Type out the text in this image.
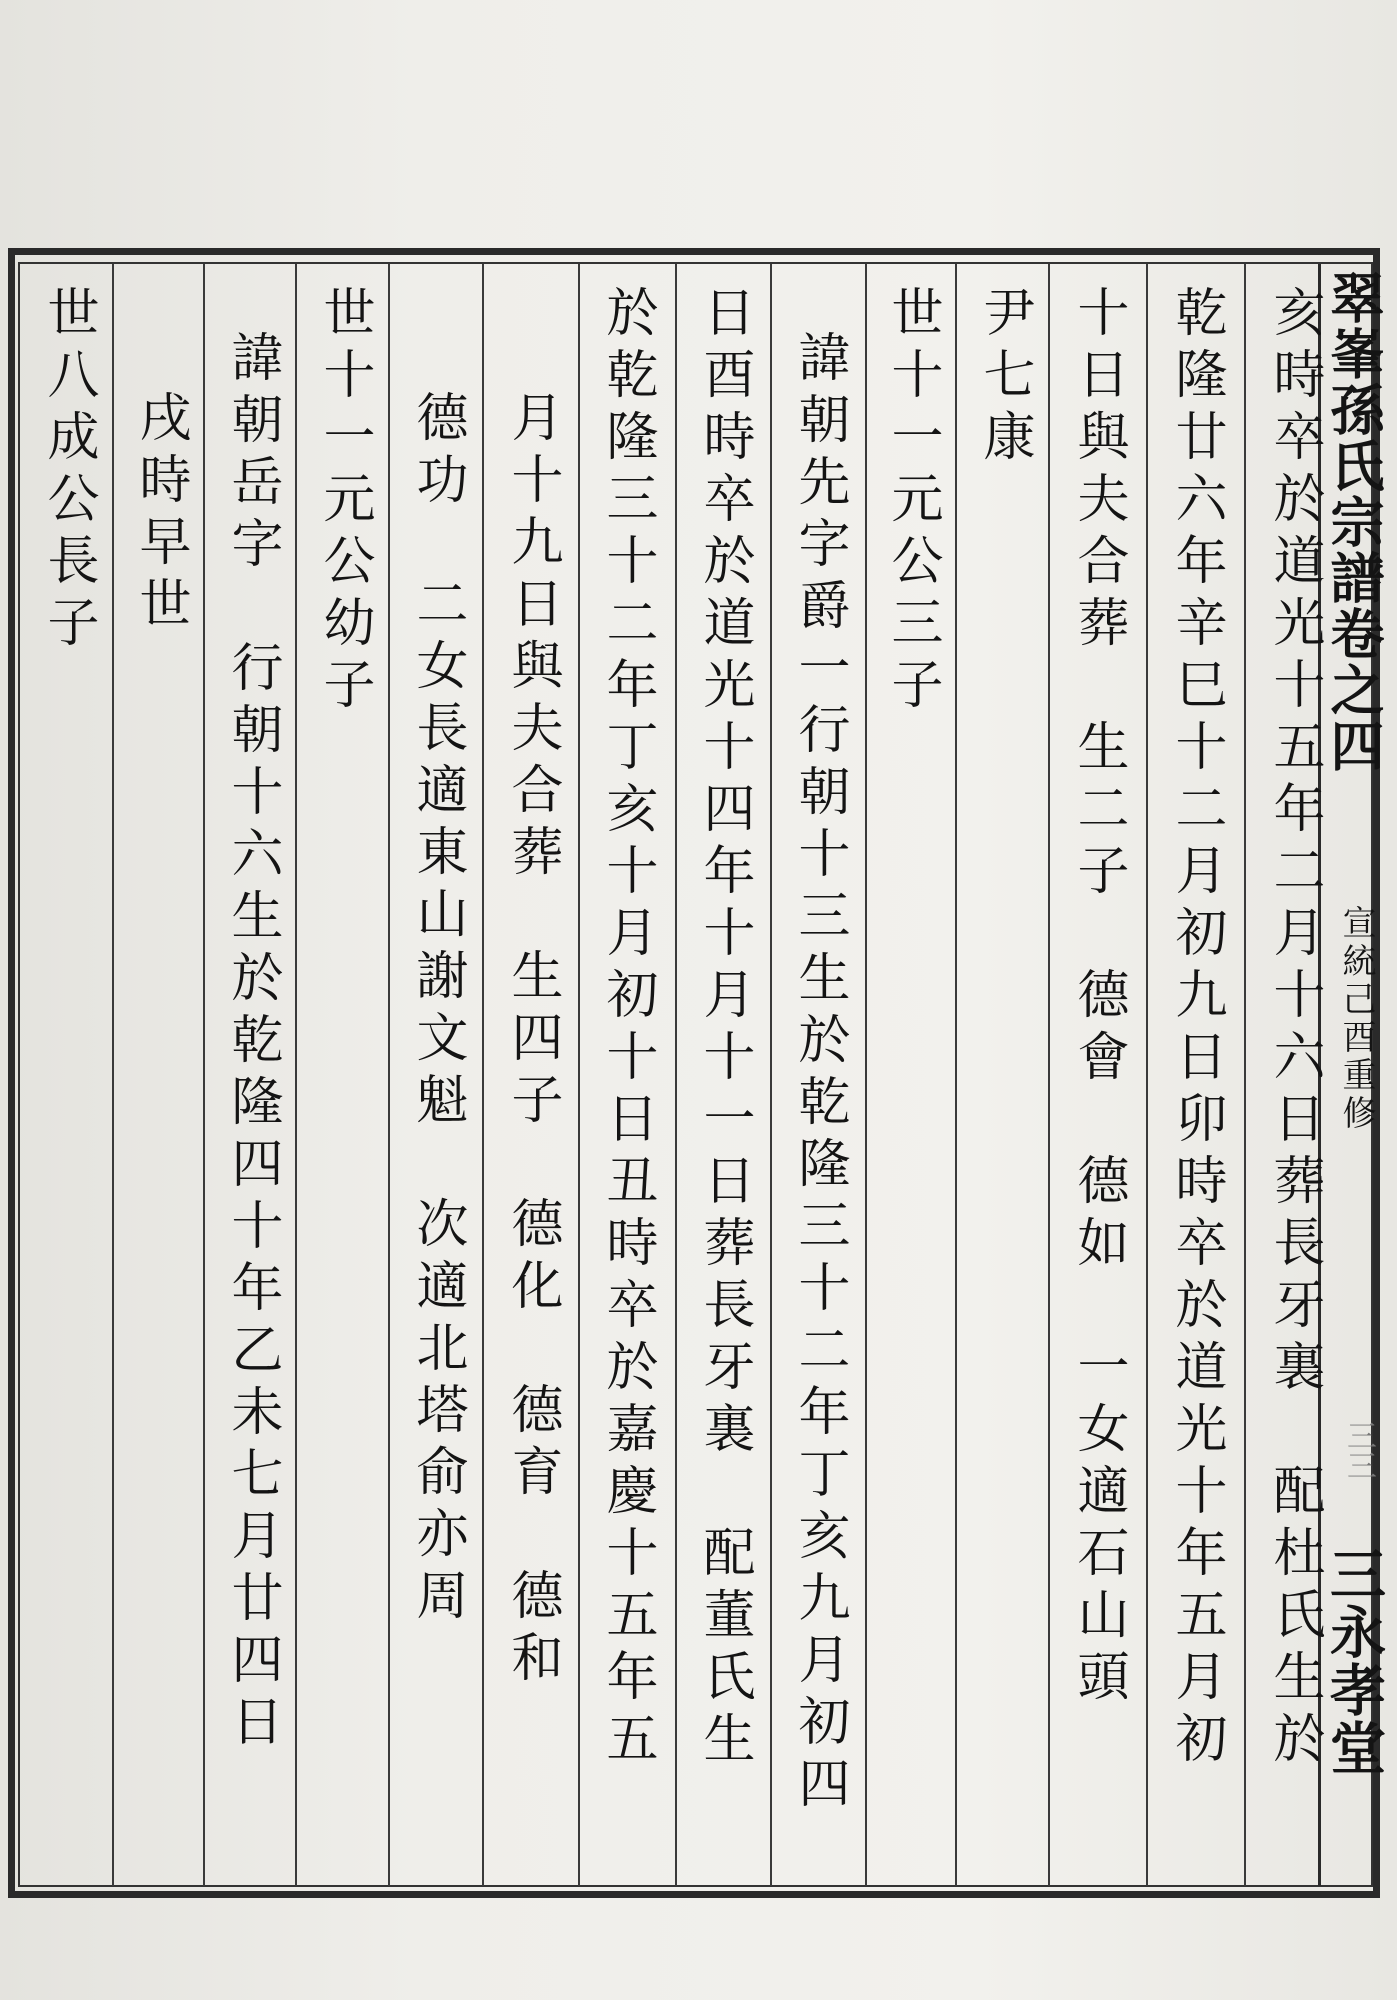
翠峯孫氏宗譜卷之四
宣統己酉重修
三三
三永孝堂
亥時卒於道光十五年二月十六日葬長牙裏　配杜氏生於
乾隆廿六年辛巳十二月初九日卯時卒於道光十年五月初
十日與夫合葬　生二子　德會　德如　一女適石山頭
尹七康
世十一元公三子
諱朝先字爵一行朝十三生於乾隆三十二年丁亥九月初四
日酉時卒於道光十四年十月十一日葬長牙裏　配董氏生
於乾隆三十二年丁亥十月初十日丑時卒於嘉慶十五年五
月十九日與夫合葬　生四子　德化　德育　德和
德功　二女長適東山謝文魁　次適北塔俞亦周
世十一元公幼子
諱朝岳字　行朝十六生於乾隆四十年乙未七月廿四日
戌時早世
世八成公長子
